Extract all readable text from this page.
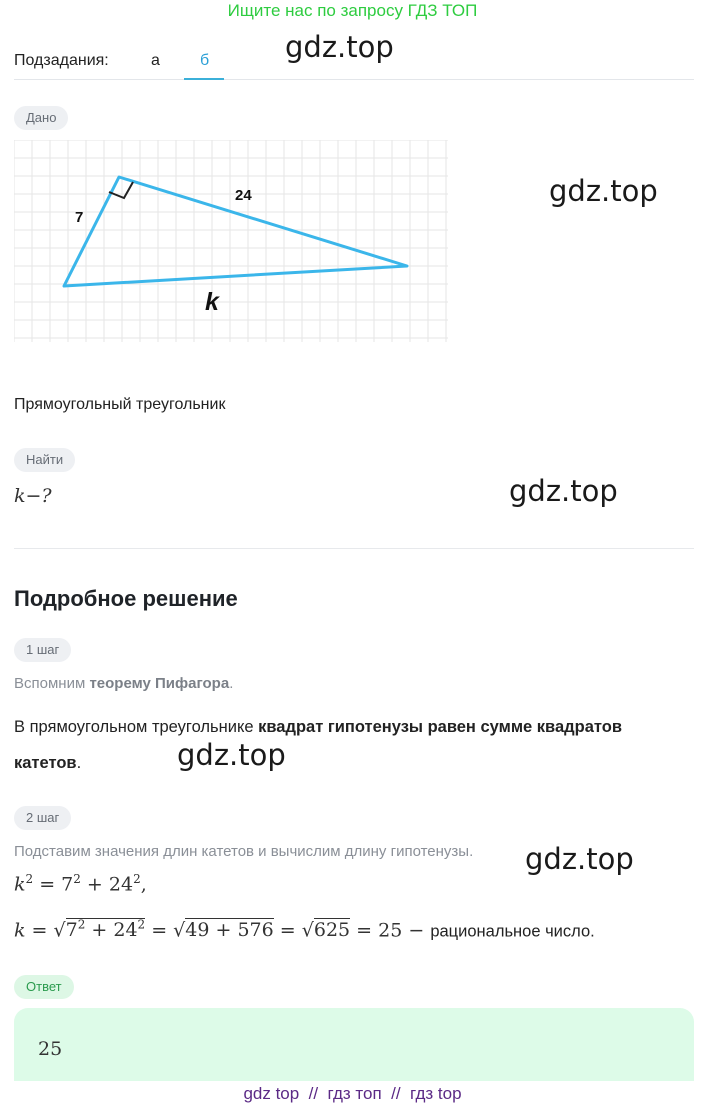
Ищите нас по запросу ГДЗ ТОП
Подзадания:	а	б	gdz.top
gdz.top
gdz.top
gdz.top
gdz.top
Дано
7
24
k
Прямоугольный треугольник
Найти
k−?
Подробное решение
1 шаг
Вспомним теорему Пифагора.
В прямоугольном треугольнике квадрат гипотенузы равен сумме квадратов
катетов.
2 шаг
Подставим значения длин катетов и вычислим длину гипотенузы.
$k^2 = 7^2 + 24^2$,
$k = √7^2 + 24^2 = √49 + 576 = √625 = 25$ − рациональное число.
Ответ
25
gdz top  //  гдз топ  //  гдз top
